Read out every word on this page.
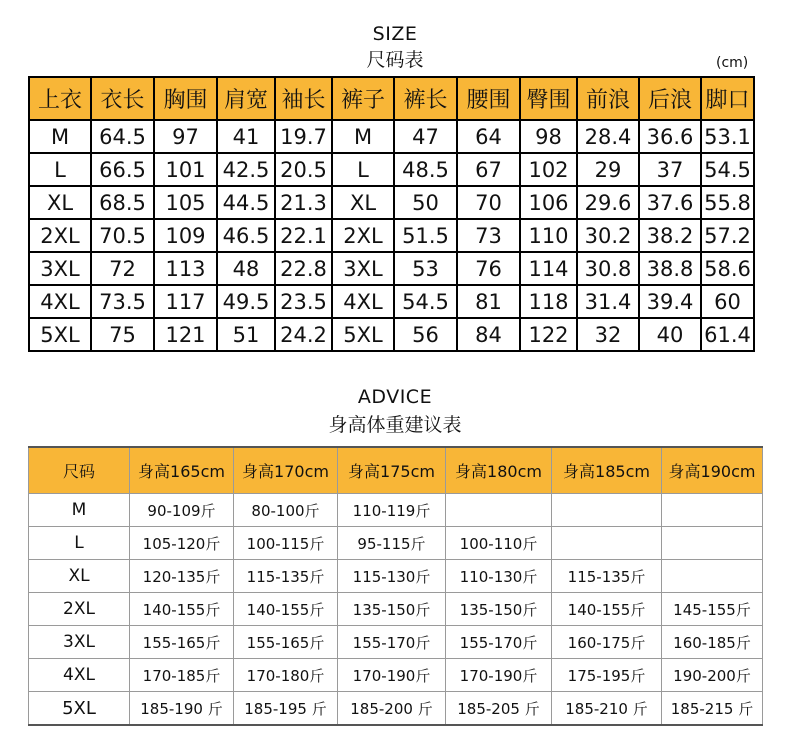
SIZE
尺码表	(cm)
上衣	衣长	胸围	肩宽	袖长	裤子	裤长	腰围	臀围	前浪	后浪	脚口
M	64.5	97	41	19.7	M	47	64	98	28.4	36.6	53.1
L	66.5	101	42.5	20.5	L	48.5	67	102	29	37	54.5
XL	68.5	105	44.5	21.3	XL	50	70	106	29.6	37.6	55.8
2XL	70.5	109	46.5	22.1	2XL	51.5	73	110	30.2	38.2	57.2
3XL	72	113	48	22.8	3XL	53	76	114	30.8	38.8	58.6
4XL	73.5	117	49.5	23.5	4XL	54.5	81	118	31.4	39.4	60
5XL	75	121	51	24.2	5XL	56	84	122	32	40	61.4
ADVICE
身高体重建议表
尺码	身高165cm	身高170cm	身高175cm	身高180cm	身高185cm	身高190cm
M	90-109斤	80-100斤	110-119斤			
L	105-120斤	100-115斤	95-115斤	100-110斤		
XL	120-135斤	115-135斤	115-130斤	110-130斤	115-135斤	
2XL	140-155斤	140-155斤	135-150斤	135-150斤	140-155斤	145-155斤
3XL	155-165斤	155-165斤	155-170斤	155-170斤	160-175斤	160-185斤
4XL	170-185斤	170-180斤	170-190斤	170-190斤	175-195斤	190-200斤
5XL	185-190 斤	185-195 斤	185-200 斤	185-205 斤	185-210 斤	185-215 斤
